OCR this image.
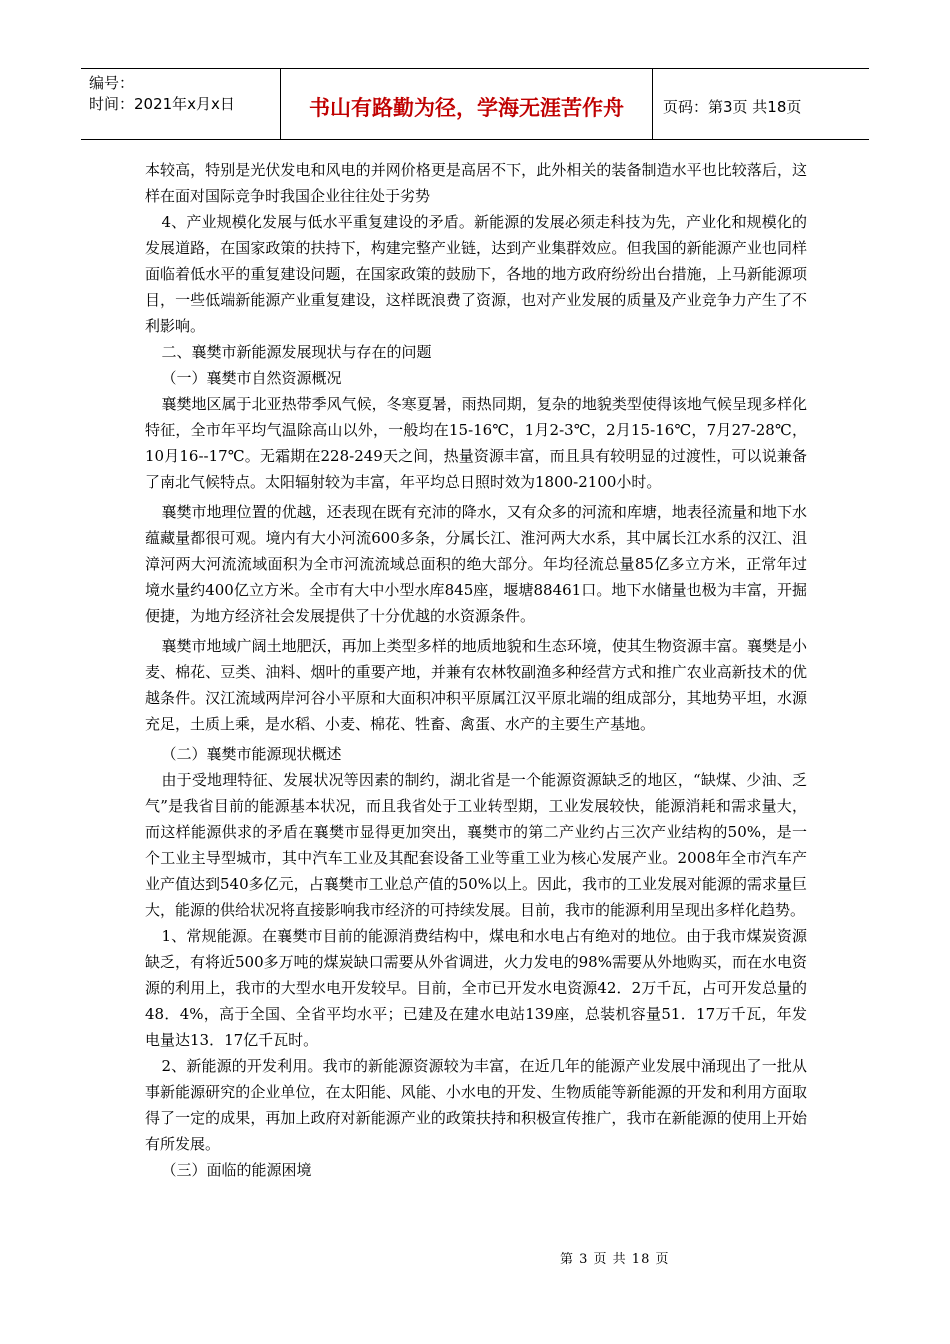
编号：
时间：2021年x月x日	书山有路勤为径，学海无涯苦作舟	页码：第3页 共18页

本较高，特别是光伏发电和风电的并网价格更是高居不下，此外相关的装备制造水平也比较落后，这样在面对国际竞争时我国企业往往处于劣势

4、产业规模化发展与低水平重复建设的矛盾。新能源的发展必须走科技为先，产业化和规模化的发展道路，在国家政策的扶持下，构建完整产业链，达到产业集群效应。但我国的新能源产业也同样面临着低水平的重复建设问题，在国家政策的鼓励下，各地的地方政府纷纷出台措施，上马新能源项目，一些低端新能源产业重复建设，这样既浪费了资源，也对产业发展的质量及产业竞争力产生了不利影响。

二、襄樊市新能源发展现状与存在的问题

（一）襄樊市自然资源概况

襄樊地区属于北亚热带季风气候，冬寒夏暑，雨热同期，复杂的地貌类型使得该地气候呈现多样化特征，全市年平均气温除高山以外，一般均在15-16℃，1月2-3℃，2月15-16℃，7月27-28℃，10月16--17℃。无霜期在228-249天之间，热量资源丰富，而且具有较明显的过渡性，可以说兼备了南北气候特点。太阳辐射较为丰富，年平均总日照时效为1800-2100小时。

襄樊市地理位置的优越，还表现在既有充沛的降水，又有众多的河流和库塘，地表径流量和地下水蕴藏量都很可观。境内有大小河流600多条，分属长江、淮河两大水系，其中属长江水系的汉江、沮漳河两大河流流域面积为全市河流流域总面积的绝大部分。年均径流总量85亿多立方米，正常年过境水量约400亿立方米。全市有大中小型水库845座，堰塘88461口。地下水储量也极为丰富，开掘便捷，为地方经济社会发展提供了十分优越的水资源条件。

襄樊市地域广阔土地肥沃，再加上类型多样的地质地貌和生态环境，使其生物资源丰富。襄樊是小麦、棉花、豆类、油料、烟叶的重要产地，并兼有农林牧副渔多种经营方式和推广农业高新技术的优越条件。汉江流域两岸河谷小平原和大面积冲积平原属江汉平原北端的组成部分，其地势平坦，水源充足，土质上乘，是水稻、小麦、棉花、牲畜、禽蛋、水产的主要生产基地。

（二）襄樊市能源现状概述

由于受地理特征、发展状况等因素的制约，湖北省是一个能源资源缺乏的地区，“缺煤、少油、乏气”是我省目前的能源基本状况，而且我省处于工业转型期，工业发展较快，能源消耗和需求量大，而这样能源供求的矛盾在襄樊市显得更加突出，襄樊市的第二产业约占三次产业结构的50%，是一个工业主导型城市，其中汽车工业及其配套设备工业等重工业为核心发展产业。2008年全市汽车产业产值达到540多亿元，占襄樊市工业总产值的50%以上。因此，我市的工业发展对能源的需求量巨大，能源的供给状况将直接影响我市经济的可持续发展。目前，我市的能源利用呈现出多样化趋势。

1、常规能源。在襄樊市目前的能源消费结构中，煤电和水电占有绝对的地位。由于我市煤炭资源缺乏，有将近500多万吨的煤炭缺口需要从外省调进，火力发电的98%需要从外地购买，而在水电资源的利用上，我市的大型水电开发较早。目前，全市已开发水电资源42．2万千瓦，占可开发总量的48．4%，高于全国、全省平均水平；已建及在建水电站139座，总装机容量51．17万千瓦，年发电量达13．17亿千瓦时。

2、新能源的开发利用。我市的新能源资源较为丰富，在近几年的能源产业发展中涌现出了一批从事新能源研究的企业单位，在太阳能、风能、小水电的开发、生物质能等新能源的开发和利用方面取得了一定的成果，再加上政府对新能源产业的政策扶持和积极宣传推广，我市在新能源的使用上开始有所发展。

（三）面临的能源困境

第 3 页 共 18 页
